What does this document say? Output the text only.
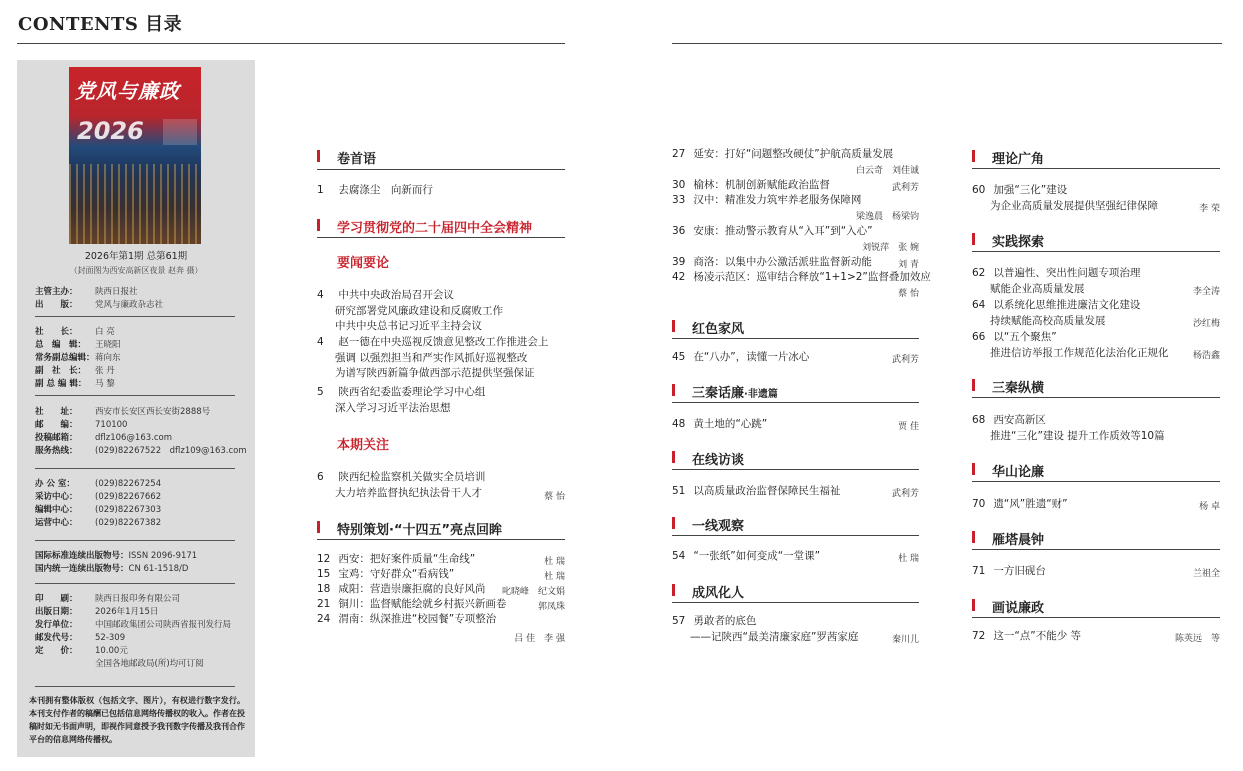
CONTENTS 目录
党风与廉政
2026
2026年第1期 总第61期
（封面图为西安高新区夜景 赵奔 摄）
主管主办： 陕西日报社
出　　版： 党风与廉政杂志社
社　　长： 白 亮
总　编　辑： 王晓阳
常务副总编辑：蒋向东
副　社　长： 张 丹
副 总 编 辑： 马 黎
社　　址： 西安市长安区西长安街2888号
邮　　编： 710100
投稿邮箱： dflz106@163.com
服务热线： (029)82267522　dflz109@163.com
办 公 室： (029)82267254
采访中心： (029)82267662
编辑中心： (029)82267303
运营中心： (029)82267382
国际标准连续出版物号：ISSN 2096-9171
国内统一连续出版物号：CN 61-1518/D
印　　刷： 陕西日报印务有限公司
出版日期： 2026年1月15日
发行单位： 中国邮政集团公司陕西省报刊发行局
邮发代号： 52-309
定　　价： 10.00元
全国各地邮政局(所)均可订阅
本刊拥有整体版权（包括文字、图片），有权进行数字发行。本刊支付作者的稿酬已包括信息网络传播权的收入。作者在投稿时如无书面声明，即视作同意授予我刊数字传播及我刊合作平台的信息网络传播权。
卷首语
1 去腐涤尘　向新而行
学习贯彻党的二十届四中全会精神
要闻要论
4 中共中央政治局召开会议
研究部署党风廉政建设和反腐败工作
中共中央总书记习近平主持会议
4 赵一德在中央巡视反馈意见整改工作推进会上
强调 以强烈担当和严实作风抓好巡视整改
为谱写陕西新篇争做西部示范提供坚强保证
5 陕西省纪委监委理论学习中心组
深入学习习近平法治思想
本期关注
6 陕西纪检监察机关做实全员培训
大力培养监督执纪执法骨干人才	蔡 怡
特别策划·“十四五”亮点回眸
12 西安：把好案件质量“生命线”	杜 瑞
15 宝鸡：守好群众“看病钱”	杜 瑞
18 咸阳：营造崇廉拒腐的良好风尚	叱晓峰　纪文娟
21 铜川：监督赋能绘就乡村振兴新画卷	郭凤珠
24 渭南：纵深推进“校园餐”专项整治
吕 佳　李 强
27 延安：打好“问题整改硬仗”护航高质量发展
白云奇　刘佳诚
30 榆林：机制创新赋能政治监督	武利芳
33 汉中：精准发力筑牢养老服务保障网
梁逸晨　杨梁钧
36 安康：推动警示教育从“入耳”到“入心”
刘锐萍　张 婉
39 商洛：以集中办公激活派驻监督新动能	刘 青
42 杨凌示范区：巡审结合释放“1+1>2”监督叠加效应
蔡 怡
红色家风
45 在“八办”，读懂一片冰心	武利芳
三秦话廉·非遗篇
48 黄土地的“心跳”	贾 佳
在线访谈
51 以高质量政治监督保障民生福祉	武利芳
一线观察
54 “一张纸”如何变成“一堂课”	杜 瑞
成风化人
57 勇敢者的底色
——记陕西“最美清廉家庭”罗茜家庭	秦川儿
理论广角
60 加强“三化”建设
为企业高质量发展提供坚强纪律保障	李 荣
实践探索
62 以普遍性、突出性问题专项治理
赋能企业高质量发展	李全涛
64 以系统化思维推进廉洁文化建设
持续赋能高校高质量发展	沙红梅
66 以“五个聚焦”
推进信访举报工作规范化法治化正规化	杨浩鑫
三秦纵横
68 西安高新区
推进“三化”建设 提升工作质效等10篇
华山论廉
70 遗“风”胜遗“财”	杨 卓
雁塔晨钟
71 一方旧砚台	兰祖全
画说廉政
72 这一“点”不能少 等	陈英远　等
